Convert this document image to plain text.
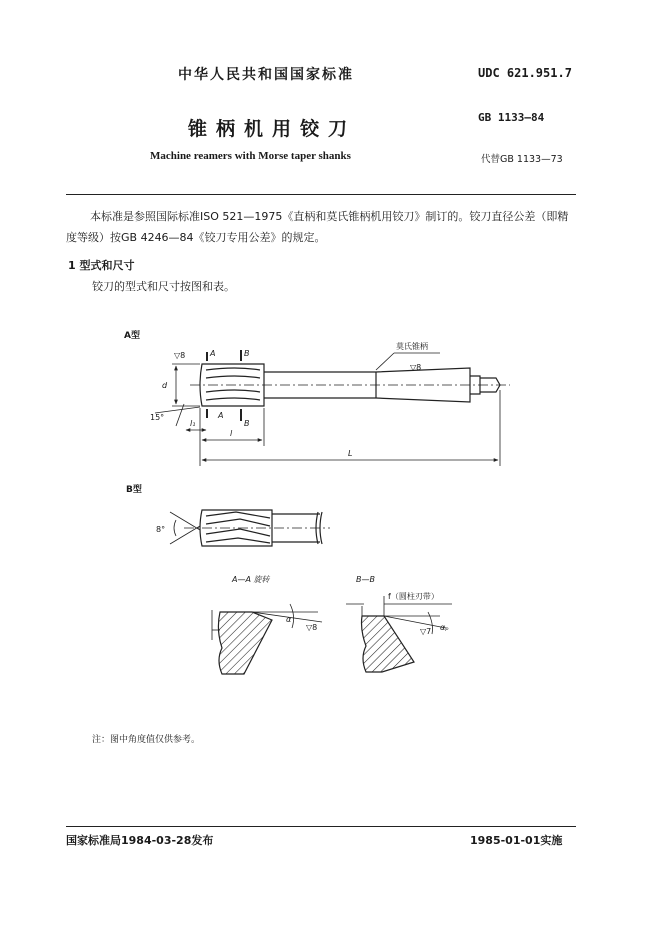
中华人民共和国国家标准	UDC 621.951.7
锥柄机用铰刀
GB 1133—84
Machine reamers with Morse taper shanks	代替GB 1133—73
本标准是参照国际标准ISO 521—1975《直柄和莫氏锥柄机用铰刀》制订的。铰刀直径公差（即精度等级）按GB 4246—84《铰刀专用公差》的规定。
1 型式和尺寸
铰刀的型式和尺寸按图和表。
A型
▽8	A	B
A
B
d
15°
l₁
l
L
莫氏锥柄
▽8
B型
8°
A—A 旋转
α
▽8
B—B
f（圆柱刃带）
▽7 αₚ
注：图中角度值仅供参考。
国家标准局1984-03-28发布	1985-01-01实施
